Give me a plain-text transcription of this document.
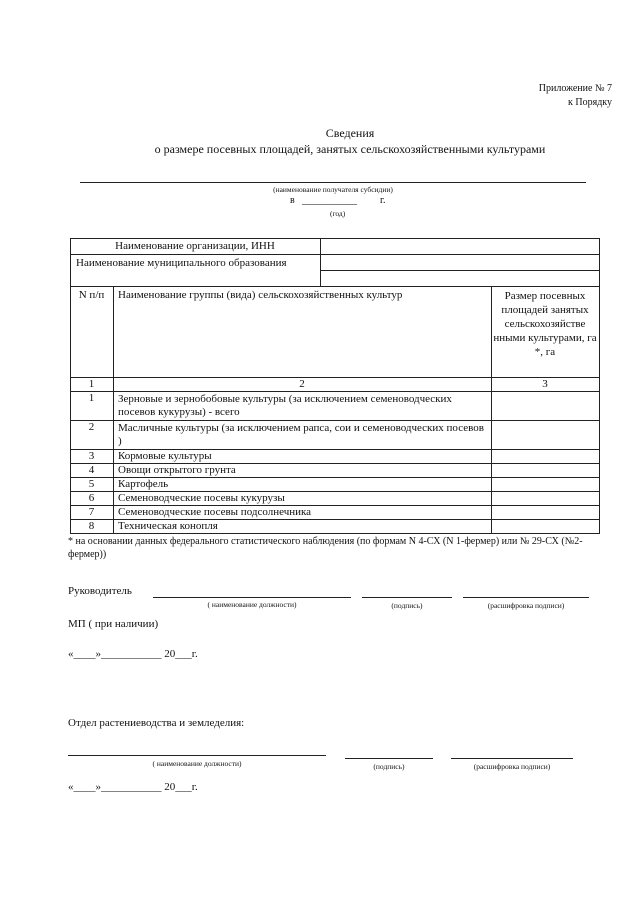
Приложение № 7
к Порядку
Сведения
о размере посевных площадей, занятых сельскохозяйственными культурами
(наименование получателя субсидии)
в ___________ г.
(год)
Наименование организации, ИНН
Наименование муниципального образования
N п/п	Наименование группы (вида) сельскохозяйственных культур	Размер посевных площадей занятых сельскохозяйстве нными культурами, га *, га
1	2	3
1	Зерновые и зернобобовые культуры (за исключением семеноводческих посевов кукурузы) - всего
2	Масличные культуры (за исключением рапса, сои и семеноводческих посевов )
3	Кормовые культуры
4	Овощи открытого грунта
5	Картофель
6	Семеноводческие посевы кукурузы
7	Семеноводческие посевы подсолнечника
8	Техническая конопля
* на основании данных федерального статистического наблюдения (по формам N 4-СХ (N 1-фермер) или № 29-СХ (№2-фермер))
Руководитель
( наименование должности)	(подпись)	(расшифровка подписи)
МП ( при наличии)
«____»___________ 20___г.
Отдел растениеводства и земледелия:
( наименование должности)	(подпись)	(расшифровка подписи)
«____»___________ 20___г.
